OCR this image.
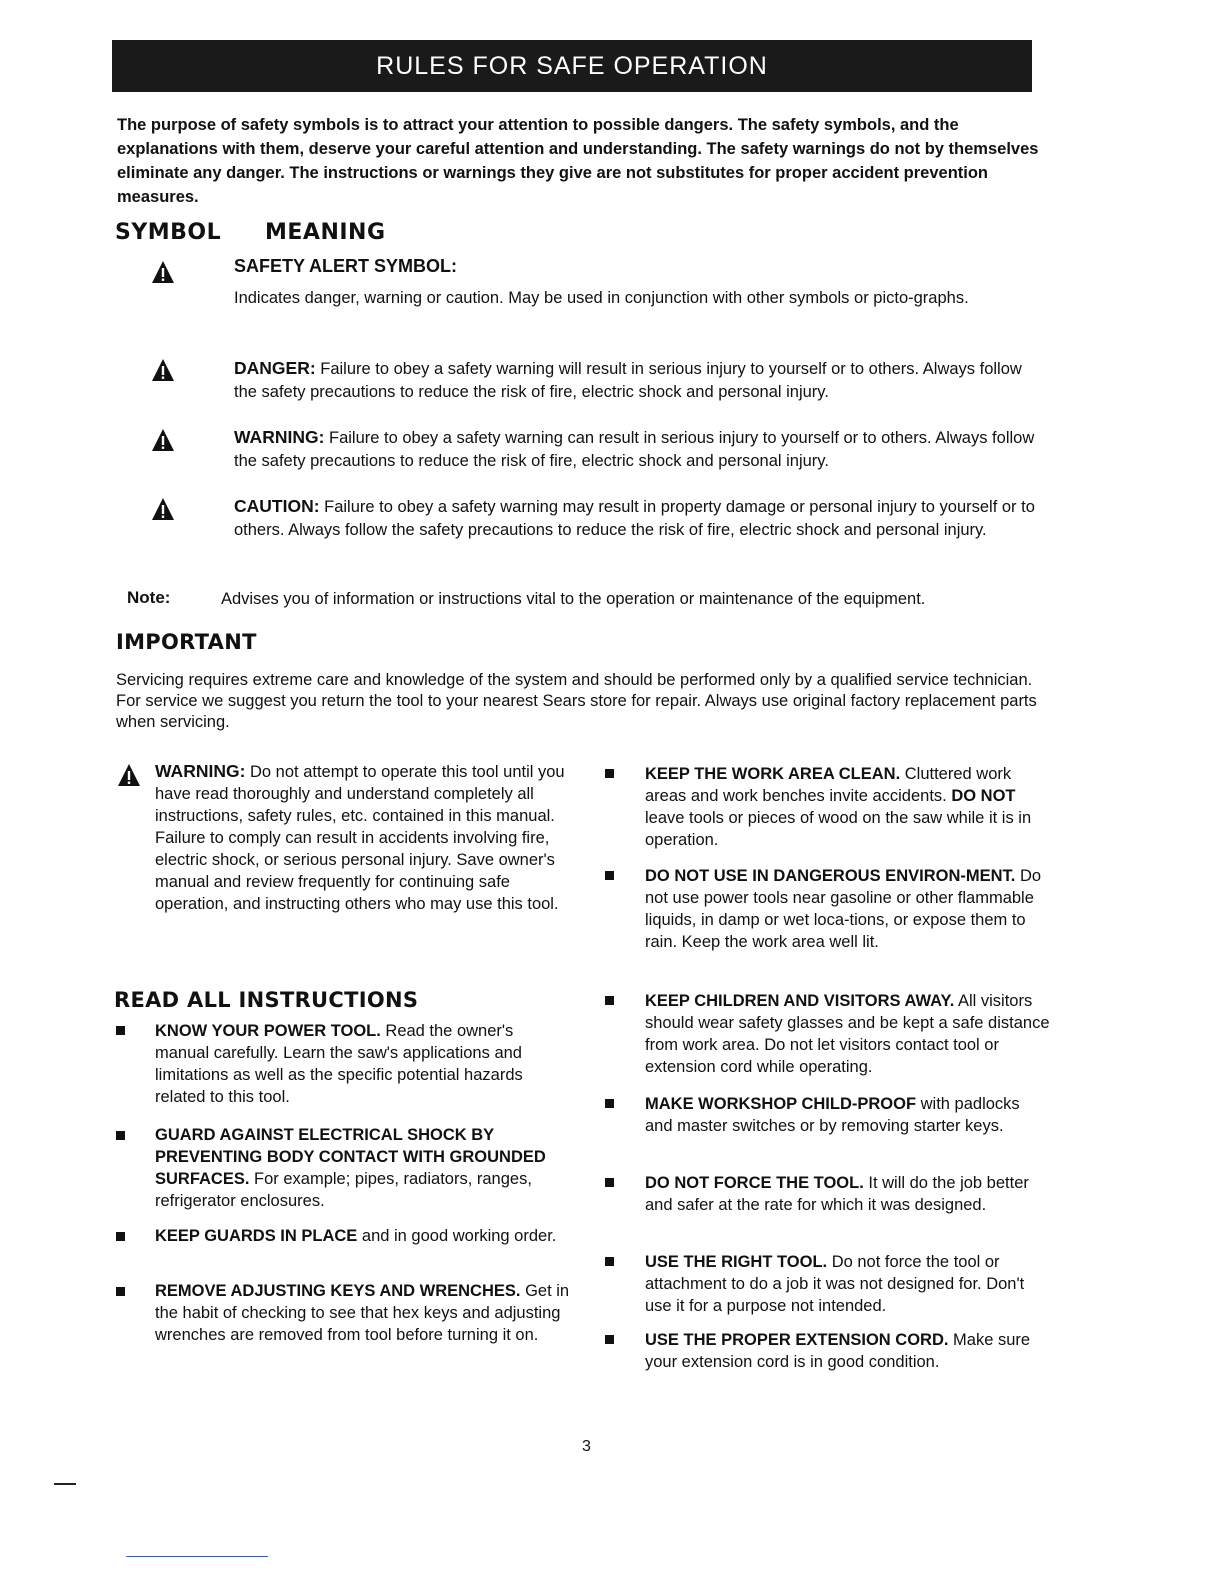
RULES FOR SAFE OPERATION
The purpose of safety symbols is to attract your attention to possible dangers. The safety symbols, and the explanations with them, deserve your careful attention and understanding. The safety warnings do not by themselves eliminate any danger. The instructions or warnings they give are not substitutes for proper accident prevention measures.
SYMBOL MEANING
SAFETY ALERT SYMBOL:
Indicates danger, warning or caution. May be used in conjunction with other symbols or picto-graphs.
DANGER: Failure to obey a safety warning will result in serious injury to yourself or to others. Always follow the safety precautions to reduce the risk of fire, electric shock and personal injury.
WARNING: Failure to obey a safety warning can result in serious injury to yourself or to others. Always follow the safety precautions to reduce the risk of fire, electric shock and personal injury.
CAUTION: Failure to obey a safety warning may result in property damage or personal injury to yourself or to others. Always follow the safety precautions to reduce the risk of fire, electric shock and personal injury.
Note:	Advises you of information or instructions vital to the operation or maintenance of the equipment.
IMPORTANT
Servicing requires extreme care and knowledge of the system and should be performed only by a qualified service technician. For service we suggest you return the tool to your nearest Sears store for repair. Always use original factory replacement parts when servicing.
WARNING: Do not attempt to operate this tool until you have read thoroughly and understand completely all instructions, safety rules, etc. contained in this manual. Failure to comply can result in accidents involving fire, electric shock, or serious personal injury. Save owner's manual and review frequently for continuing safe operation, and instructing others who may use this tool.
READ ALL INSTRUCTIONS
KNOW YOUR POWER TOOL. Read the owner's manual carefully. Learn the saw's applications and limitations as well as the specific potential hazards related to this tool.
GUARD AGAINST ELECTRICAL SHOCK BY PREVENTING BODY CONTACT WITH GROUNDED SURFACES. For example; pipes, radiators, ranges, refrigerator enclosures.
KEEP GUARDS IN PLACE and in good working order.
REMOVE ADJUSTING KEYS AND WRENCHES. Get in the habit of checking to see that hex keys and adjusting wrenches are removed from tool before turning it on.
KEEP THE WORK AREA CLEAN. Cluttered work areas and work benches invite accidents. DO NOT leave tools or pieces of wood on the saw while it is in operation.
DO NOT USE IN DANGEROUS ENVIRON-MENT. Do not use power tools near gasoline or other flammable liquids, in damp or wet loca-tions, or expose them to rain. Keep the work area well lit.
KEEP CHILDREN AND VISITORS AWAY. All visitors should wear safety glasses and be kept a safe distance from work area. Do not let visitors contact tool or extension cord while operating.
MAKE WORKSHOP CHILD-PROOF with padlocks and master switches or by removing starter keys.
DO NOT FORCE THE TOOL. It will do the job better and safer at the rate for which it was designed.
USE THE RIGHT TOOL. Do not force the tool or attachment to do a job it was not designed for. Don't use it for a purpose not intended.
USE THE PROPER EXTENSION CORD. Make sure your extension cord is in good condition.
3
